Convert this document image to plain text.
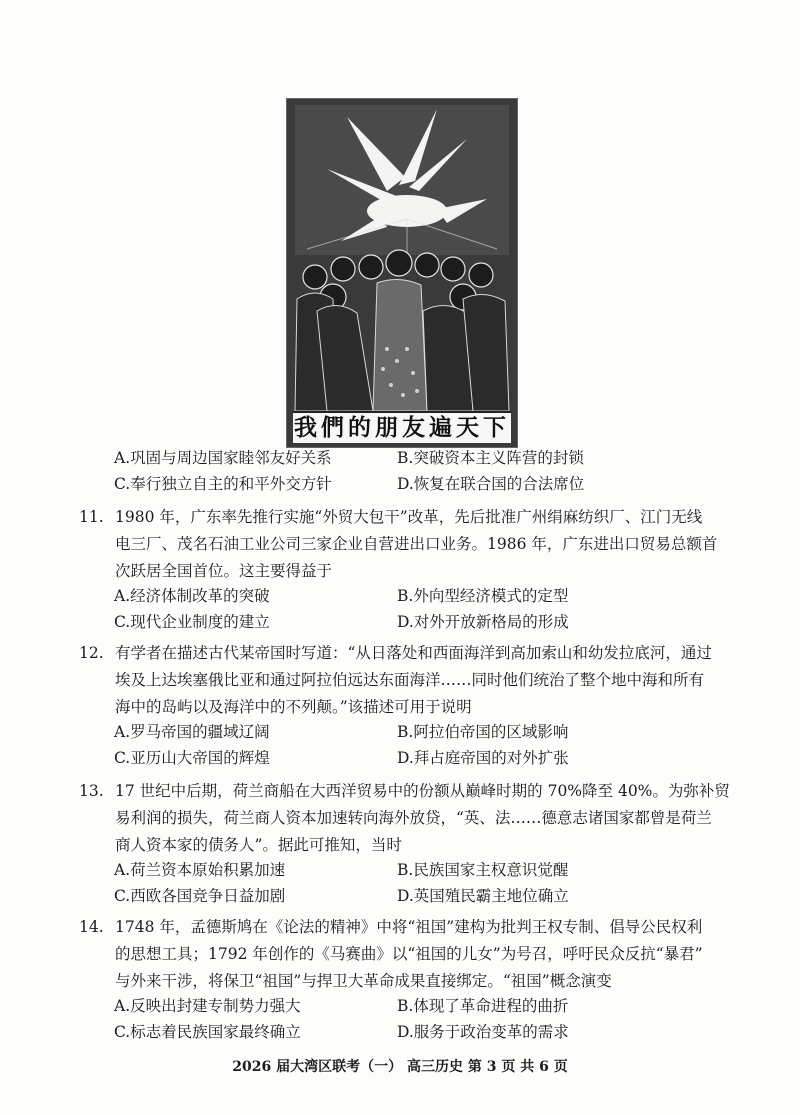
我們的朋友遍天下
A.巩固与周边国家睦邻友好关系	B.突破资本主义阵营的封锁
C.奉行独立自主的和平外交方针	D.恢复在联合国的合法席位
11. 1980 年，广东率先推行实施“外贸大包干”改革，先后批准广州绢麻纺织厂、江门无线
电三厂、茂名石油工业公司三家企业自营进出口业务。1986 年，广东进出口贸易总额首
次跃居全国首位。这主要得益于
A.经济体制改革的突破	B.外向型经济模式的定型
C.现代企业制度的建立	D.对外开放新格局的形成
12. 有学者在描述古代某帝国时写道：“从日落处和西面海洋到高加索山和幼发拉底河，通过
埃及上达埃塞俄比亚和通过阿拉伯远达东面海洋……同时他们统治了整个地中海和所有
海中的岛屿以及海洋中的不列颠。”该描述可用于说明
A.罗马帝国的疆域辽阔	B.阿拉伯帝国的区域影响
C.亚历山大帝国的辉煌	D.拜占庭帝国的对外扩张
13. 17 世纪中后期，荷兰商船在大西洋贸易中的份额从巅峰时期的 70%降至 40%。为弥补贸
易利润的损失，荷兰商人资本加速转向海外放贷，“英、法……德意志诸国家都曾是荷兰
商人资本家的债务人”。据此可推知，当时
A.荷兰资本原始积累加速	B.民族国家主权意识觉醒
C.西欧各国竞争日益加剧	D.英国殖民霸主地位确立
14. 1748 年，孟德斯鸠在《论法的精神》中将“祖国”建构为批判王权专制、倡导公民权利
的思想工具；1792 年创作的《马赛曲》以“祖国的儿女”为号召，呼吁民众反抗“暴君”
与外来干涉，将保卫“祖国”与捍卫大革命成果直接绑定。“祖国”概念演变
A.反映出封建专制势力强大	B.体现了革命进程的曲折
C.标志着民族国家最终确立	D.服务于政治变革的需求
2026 届大湾区联考（一） 高三历史 第 3 页 共 6 页
